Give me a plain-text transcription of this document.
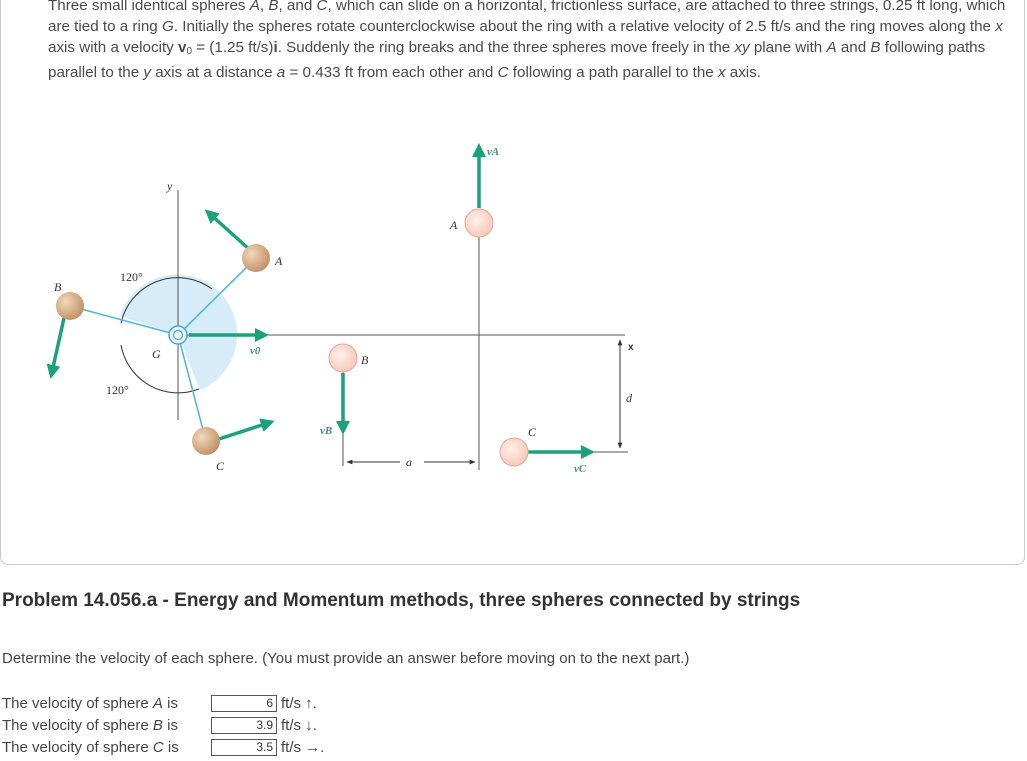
Three small identical spheres A, B, and C, which can slide on a horizontal, frictionless surface, are attached to three strings, 0.25 ft long, which are tied to a ring G. Initially the spheres rotate counterclockwise about the ring with a relative velocity of 2.5 ft/s and the ring moves along the x axis with a velocity $v_0 = (1.25$ ft/s)i. Suddenly the ring breaks and the three spheres move freely in the xy plane with A and B following paths parallel to the y axis at a distance a = 0.433 ft from each other and C following a path parallel to the x axis.

y
A
B
C
G
120°
120°
v0
vA
A
B
vB	C
vC
x
d
a
Problem 14.056.a - Energy and Momentum methods, three spheres connected by strings

Determine the velocity of each sphere. (You must provide an answer before moving on to the next part.)

The velocity of sphere A is	6 ft/s ↑.
The velocity of sphere B is	3.9 ft/s ↓.
The velocity of sphere C is	3.5 ft/s →.
